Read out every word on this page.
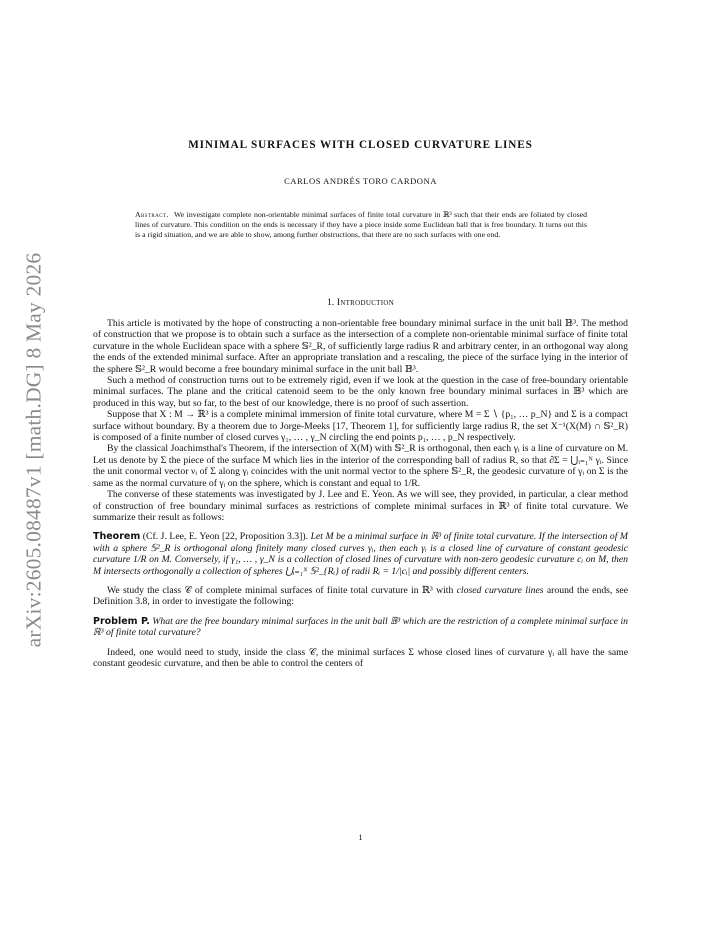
arXiv:2605.08487v1 [math.DG] 8 May 2026
MINIMAL SURFACES WITH CLOSED CURVATURE LINES
CARLOS ANDRÉS TORO CARDONA
Abstract. We investigate complete non-orientable minimal surfaces of finite total curvature in ℝ³ such that their ends are foliated by closed lines of curvature. This condition on the ends is necessary if they have a piece inside some Euclidean ball that is free boundary. It turns out this is a rigid situation, and we are able to show, among further obstructions, that there are no such surfaces with one end.
1. Introduction

This article is motivated by the hope of constructing a non-orientable free boundary minimal surface in the unit ball 𝔹³. The method of construction that we propose is to obtain such a surface as the intersection of a complete non-orientable minimal surface of finite total curvature in the whole Euclidean space with a sphere 𝕊²_R, of sufficiently large radius R and arbitrary center, in an orthogonal way along the ends of the extended minimal surface. After an appropriate translation and a rescaling, the piece of the surface lying in the interior of the sphere 𝕊²_R would become a free boundary minimal surface in the unit ball 𝔹³.

Such a method of construction turns out to be extremely rigid, even if we look at the question in the case of free-boundary orientable minimal surfaces. The plane and the critical catenoid seem to be the only known free boundary minimal surfaces in 𝔹³ which are produced in this way, but so far, to the best of our knowledge, there is no proof of such assertion.

Suppose that X : M → ℝ³ is a complete minimal immersion of finite total curvature, where M = Σ ∖ {p₁, … p_N} and Σ is a compact surface without boundary. By a theorem due to Jorge-Meeks [17, Theorem 1], for sufficiently large radius R, the set X⁻¹(X(M) ∩ 𝕊²_R) is composed of a finite number of closed curves γ₁, … , γ_N circling the end points p₁, … , p_N respectively.

By the classical Joachimsthal's Theorem, if the intersection of X(M) with 𝕊²_R is orthogonal, then each γᵢ is a line of curvature on M. Let us denote by Σ the piece of the surface M which lies in the interior of the corresponding ball of radius R, so that ∂Σ = ⋃ᵢ₌₁ᴺ γᵢ. Since the unit conormal vector νᵢ of Σ along γᵢ coincides with the unit normal vector to the sphere 𝕊²_R, the geodesic curvature of γᵢ on Σ is the same as the normal curvature of γᵢ on the sphere, which is constant and equal to 1/R.

The converse of these statements was investigated by J. Lee and E. Yeon. As we will see, they provided, in particular, a clear method of construction of free boundary minimal surfaces as restrictions of complete minimal surfaces in ℝ³ of finite total curvature. We summarize their result as follows:

Theorem (Cf. J. Lee, E. Yeon [22, Proposition 3.3]). Let M be a minimal surface in ℝ³ of finite total curvature. If the intersection of M with a sphere 𝕊²_R is orthogonal along finitely many closed curves γᵢ, then each γᵢ is a closed line of curvature of constant geodesic curvature 1/R on M. Conversely, if γ₁, … , γ_N is a collection of closed lines of curvature with non-zero geodesic curvature cᵢ on M, then M intersects orthogonally a collection of spheres ⋃ᵢ₌₁ᴺ 𝕊²_{Rᵢ} of radii Rᵢ = 1/|cᵢ| and possibly different centers.

We study the class 𝒞 of complete minimal surfaces of finite total curvature in ℝ³ with closed curvature lines around the ends, see Definition 3.8, in order to investigate the following:

Problem P. What are the free boundary minimal surfaces in the unit ball 𝔹³ which are the restriction of a complete minimal surface in ℝ³ of finite total curvature?

Indeed, one would need to study, inside the class 𝒞, the minimal surfaces Σ whose closed lines of curvature γᵢ all have the same constant geodesic curvature, and then be able to control the centers of

1
